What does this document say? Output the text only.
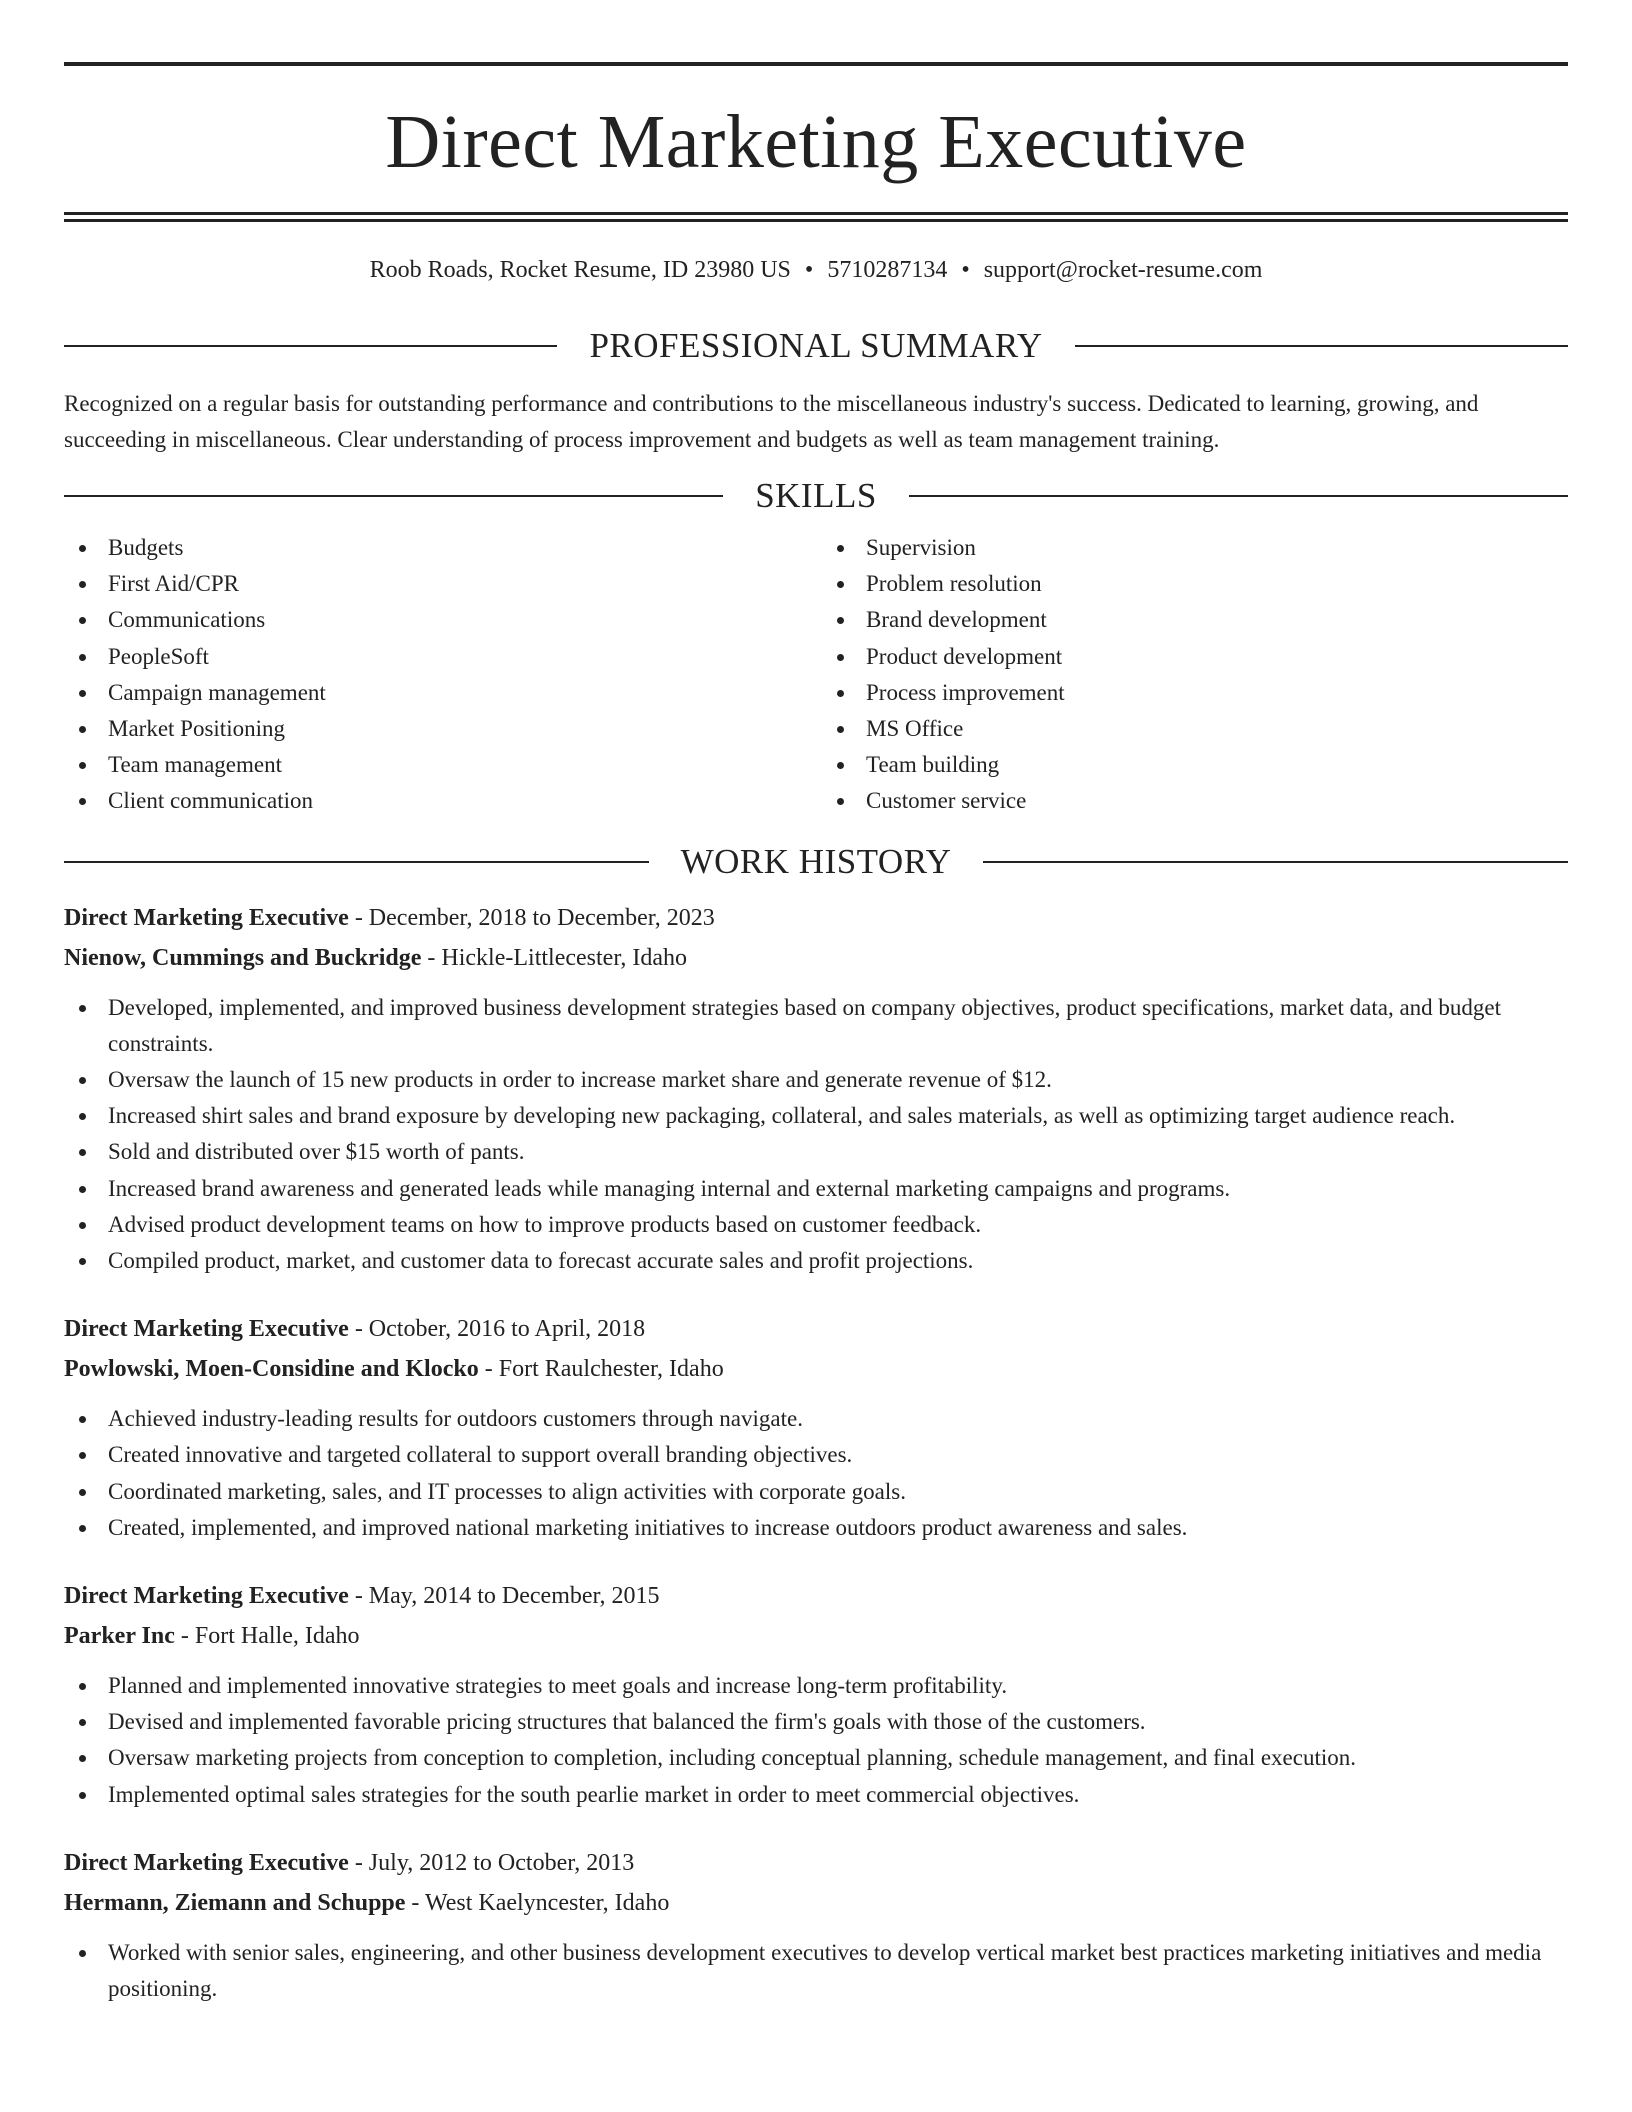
Direct Marketing Executive
Roob Roads, Rocket Resume, ID 23980 US • 5710287134 • support@rocket-resume.com
PROFESSIONAL SUMMARY

Recognized on a regular basis for outstanding performance and contributions to the miscellaneous industry's success. Dedicated to learning, growing, and succeeding in miscellaneous. Clear understanding of process improvement and budgets as well as team management training.

SKILLS
Budgets
First Aid/CPR
Communications
PeopleSoft
Campaign management
Market Positioning
Team management
Client communication
Supervision
Problem resolution
Brand development
Product development
Process improvement
MS Office
Team building
Customer service
WORK HISTORY
Direct Marketing Executive - December, 2018 to December, 2023
Nienow, Cummings and Buckridge - Hickle-Littlecester, Idaho
Developed, implemented, and improved business development strategies based on company objectives, product specifications, market data, and budget constraints.
Oversaw the launch of 15 new products in order to increase market share and generate revenue of $12.
Increased shirt sales and brand exposure by developing new packaging, collateral, and sales materials, as well as optimizing target audience reach.
Sold and distributed over $15 worth of pants.
Increased brand awareness and generated leads while managing internal and external marketing campaigns and programs.
Advised product development teams on how to improve products based on customer feedback.
Compiled product, market, and customer data to forecast accurate sales and profit projections.
Direct Marketing Executive - October, 2016 to April, 2018
Powlowski, Moen-Considine and Klocko - Fort Raulchester, Idaho
Achieved industry-leading results for outdoors customers through navigate.
Created innovative and targeted collateral to support overall branding objectives.
Coordinated marketing, sales, and IT processes to align activities with corporate goals.
Created, implemented, and improved national marketing initiatives to increase outdoors product awareness and sales.
Direct Marketing Executive - May, 2014 to December, 2015
Parker Inc - Fort Halle, Idaho
Planned and implemented innovative strategies to meet goals and increase long-term profitability.
Devised and implemented favorable pricing structures that balanced the firm's goals with those of the customers.
Oversaw marketing projects from conception to completion, including conceptual planning, schedule management, and final execution.
Implemented optimal sales strategies for the south pearlie market in order to meet commercial objectives.
Direct Marketing Executive - July, 2012 to October, 2013
Hermann, Ziemann and Schuppe - West Kaelyncester, Idaho
Worked with senior sales, engineering, and other business development executives to develop vertical market best practices marketing initiatives and media positioning.
